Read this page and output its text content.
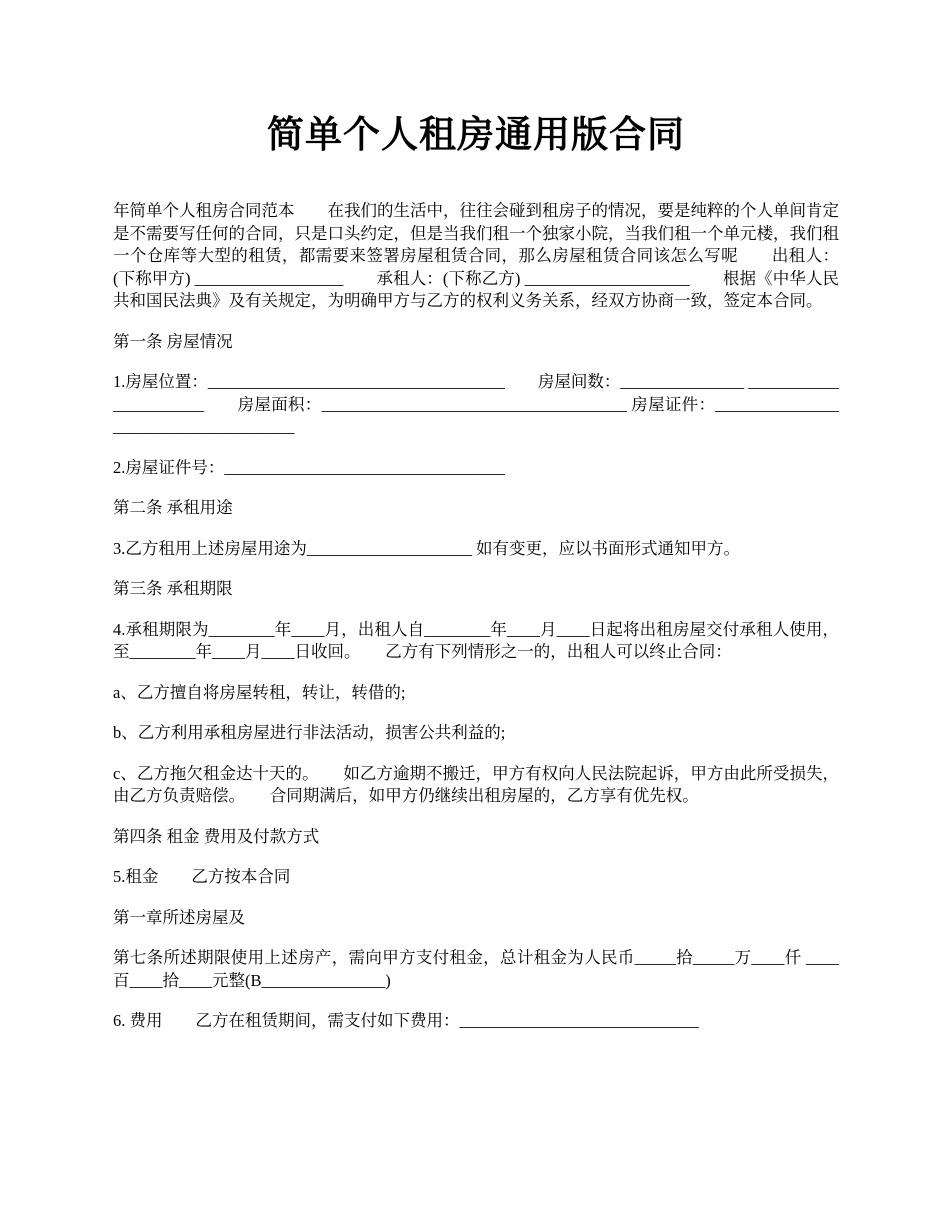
简单个人租房通用版合同

年简单个人租房合同范本　　在我们的生活中，往往会碰到租房子的情况，要是纯粹的个人单间肯定是不需要写任何的合同，只是口头约定，但是当我们租一个独家小院，当我们租一个单元楼，我们租一个仓库等大型的租赁，都需要来签署房屋租赁合同，那么房屋租赁合同该怎么写呢　　出租人：(下称甲方) __________________　　承租人：(下称乙方) ____________________　　根据《中华人民共和国民法典》及有关规定，为明确甲方与乙方的权利义务关系，经双方协商一致，签定本合同。

第一条 房屋情况

1.房屋位置：____________________________________　　房屋间数：_______________ ______________________　　房屋面积：_____________________________________ 房屋证件：_____________________________________

2.房屋证件号：__________________________________

第二条 承租用途

3.乙方租用上述房屋用途为____________________ 如有变更，应以书面形式通知甲方。

第三条 承租期限

4.承租期限为________年____月，出租人自________年____月____日起将出租房屋交付承租人使用，至________年____月____日收回。　　乙方有下列情形之一的，出租人可以终止合同：

a、乙方擅自将房屋转租，转让，转借的;

b、乙方利用承租房屋进行非法活动，损害公共利益的;

c、乙方拖欠租金达十天的。　　如乙方逾期不搬迁，甲方有权向人民法院起诉，甲方由此所受损失，由乙方负责赔偿。　　合同期满后，如甲方仍继续出租房屋的，乙方享有优先权。

第四条 租金 费用及付款方式

5.租金　　乙方按本合同

第一章所述房屋及

第七条所述期限使用上述房产，需向甲方支付租金，总计租金为人民币_____拾_____万____仟 ____百____拾____元整(B_______________)

6. 费用　　乙方在租赁期间，需支付如下费用：_____________________________
